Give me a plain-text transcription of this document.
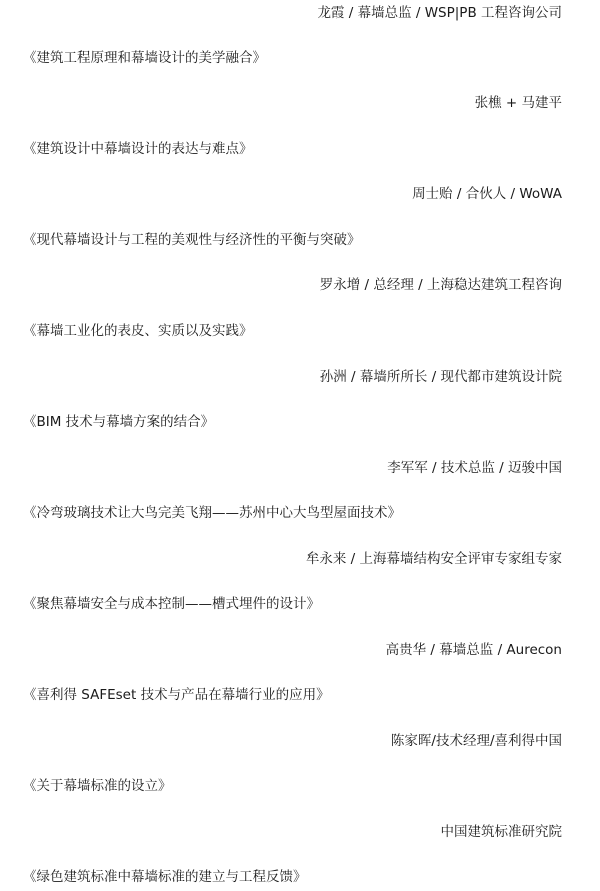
龙霞 / 幕墙总监 / WSP|PB 工程咨询公司
《建筑工程原理和幕墙设计的美学融合》
张樵 + 马建平
《建筑设计中幕墙设计的表达与难点》
周士贻 / 合伙人 / WoWA
《现代幕墙设计与工程的美观性与经济性的平衡与突破》
罗永增 / 总经理 / 上海稳达建筑工程咨询
《幕墙工业化的表皮、实质以及实践》
孙洲 / 幕墙所所长 / 现代都市建筑设计院
《BIM 技术与幕墙方案的结合》
李军军 / 技术总监 / 迈骏中国
《冷弯玻璃技术让大鸟完美飞翔——苏州中心大鸟型屋面技术》
牟永来 / 上海幕墙结构安全评审专家组专家
《聚焦幕墙安全与成本控制——槽式埋件的设计》
高贵华 / 幕墙总监 / Aurecon
《喜利得 SAFEset 技术与产品在幕墙行业的应用》
陈家晖/技术经理/喜利得中国
《关于幕墙标准的设立》
中国建筑标准研究院
《绿色建筑标准中幕墙标准的建立与工程反馈》
